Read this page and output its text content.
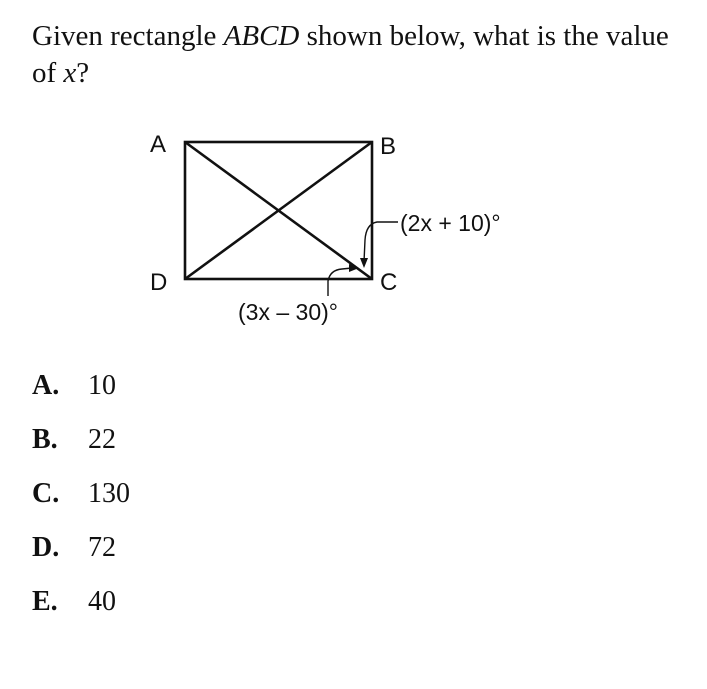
Given rectangle ABCD shown below, what is the value of x?
A	B
C
D
(2x + 10)°
(3x – 30)°
A. 10
B. 22
C. 130
D. 72
E. 40
